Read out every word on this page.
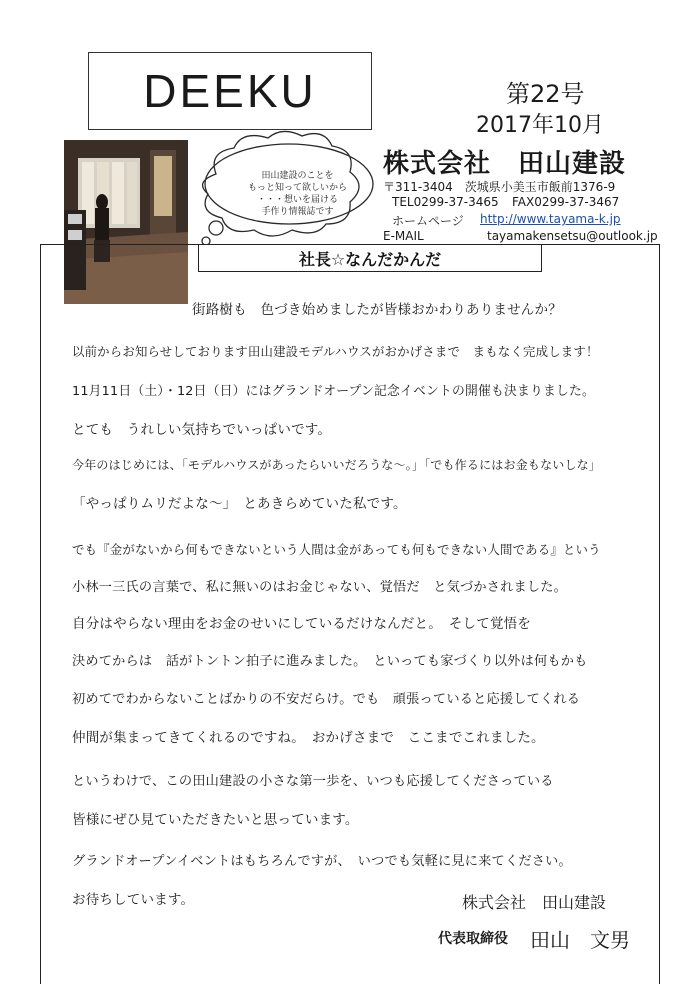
DEEKU	第22号
2017年10月
田山建設のことを
もっと知って欲しいから
・・・想いを届ける
手作り情報誌です
株式会社　田山建設
〒311-3404　茨城県小美玉市飯前1376-9
TEL0299-37-3465 FAX0299-37-3467
ホームページ http://www.tayama-k.jp
E-MAIL	tayamakensetsu@outlook.jp
社長☆なんだかんだ
街路樹も　色づき始めましたが皆様おかわりありませんか？
以前からお知らせしております田山建設モデルハウスがおかげさまで　まもなく完成します！
11月11日（土）・12日（日）にはグランドオープン記念イベントの開催も決まりました。
とても　うれしい気持ちでいっぱいです。
今年のはじめには、「モデルハウスがあったらいいだろうな～。」「でも作るにはお金もないしな」
「やっぱりムリだよな～」　とあきらめていた私です。
でも『金がないから何もできないという人間は金があっても何もできない人間である』という
小林一三氏の言葉で、私に無いのはお金じゃない、覚悟だ　と気づかされました。
自分はやらない理由をお金のせいにしているだけなんだと。　そして覚悟を
決めてからは　話がトントン拍子に進みました。　といっても家づくり以外は何もかも
初めてでわからないことばかりの不安だらけ。でも　頑張っていると応援してくれる
仲間が集まってきてくれるのですね。　おかげさまで　ここまでこれました。
というわけで、この田山建設の小さな第一歩を、いつも応援してくださっている
皆様にぜひ見ていただきたいと思っています。
グランドオープンイベントはもちろんですが、　いつでも気軽に見に来てください。
お待ちしています。	株式会社　田山建設
代表取締役 田山　文男
